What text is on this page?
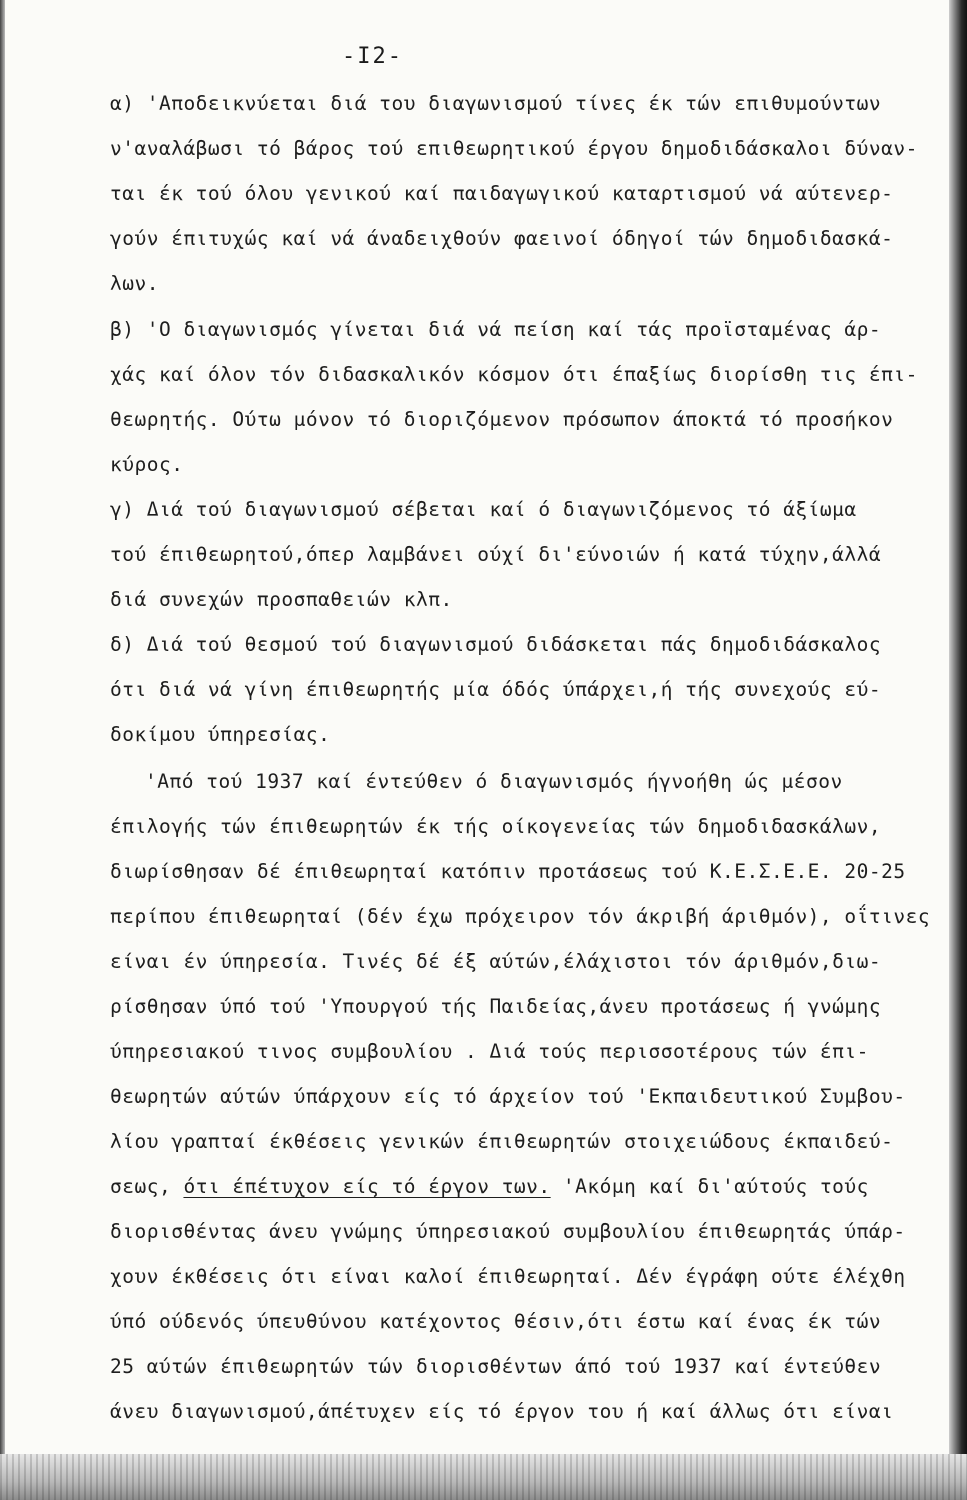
-I2-
α) 'Αποδεικνύεται διά του διαγωνισμού τίνες έκ τών επιθυμούντων
ν'αναλάβωσι τό βάρος τού επιθεωρητικού έργου δημοδιδάσκαλοι δύναν-
ται έκ τού όλου γενικού καί παιδαγωγικού καταρτισμού νά αύτενερ-
γούν έπιτυχώς καί νά άναδειχθούν φαεινοί όδηγοί τών δημοδιδασκά-
λων.
β) 'Ο διαγωνισμός γίνεται διά νά πείση καί τάς προϊσταμένας άρ-
χάς καί όλον τόν διδασκαλικόν κόσμον ότι έπαξίως διορίσθη τις έπι-
θεωρητής. Ούτω μόνον τό διοριζόμενον πρόσωπον άποκτά τό προσήκον
κύρος.
γ) Διά τού διαγωνισμού σέβεται καί ό διαγωνιζόμενος τό άξίωμα
τού έπιθεωρητού,όπερ λαμβάνει ούχί δι'εύνοιών ή κατά τύχην,άλλά
διά συνεχών προσπαθειών κλπ.
δ) Διά τού θεσμού τού διαγωνισμού διδάσκεται πάς δημοδιδάσκαλος
ότι διά νά γίνη έπιθεωρητής μία όδός ύπάρχει,ή τής συνεχούς εύ-
δοκίμου ύπηρεσίας.
'Από τού 1937 καί έντεύθεν ό διαγωνισμός ήγνοήθη ώς μέσον
έπιλογής τών έπιθεωρητών έκ τής οίκογενείας τών δημοδιδασκάλων,
διωρίσθησαν δέ έπιθεωρηταί κατόπιν προτάσεως τού Κ.Ε.Σ.Ε.Ε. 20-25
περίπου έπιθεωρηταί (δέν έχω πρόχειρον τόν άκριβή άριθμόν), οΐτινες
είναι έν ύπηρεσία. Τινές δέ έξ αύτών,έλάχιστοι τόν άριθμόν,διω-
ρίσθησαν ύπό τού 'Υπουργού τής Παιδείας,άνευ προτάσεως ή γνώμης
ύπηρεσιακού τινος συμβουλίου . Διά τούς περισσοτέρους τών έπι-
θεωρητών αύτών ύπάρχουν είς τό άρχείον τού 'Εκπαιδευτικού Συμβου-
λίου γραπταί έκθέσεις γενικών έπιθεωρητών στοιχειώδους έκπαιδεύ-
σεως, ότι έπέτυχον είς τό έργον των. 'Ακόμη καί δι'αύτούς τούς
διορισθέντας άνευ γνώμης ύπηρεσιακού συμβουλίου έπιθεωρητάς ύπάρ-
χουν έκθέσεις ότι είναι καλοί έπιθεωρηταί. Δέν έγράφη ούτε έλέχθη
ύπό ούδενός ύπευθύνου κατέχοντος θέσιν,ότι έστω καί ένας έκ τών
25 αύτών έπιθεωρητών τών διορισθέντων άπό τού 1937 καί έντεύθεν
άνευ διαγωνισμού,άπέτυχεν είς τό έργον του ή καί άλλως ότι είναι
